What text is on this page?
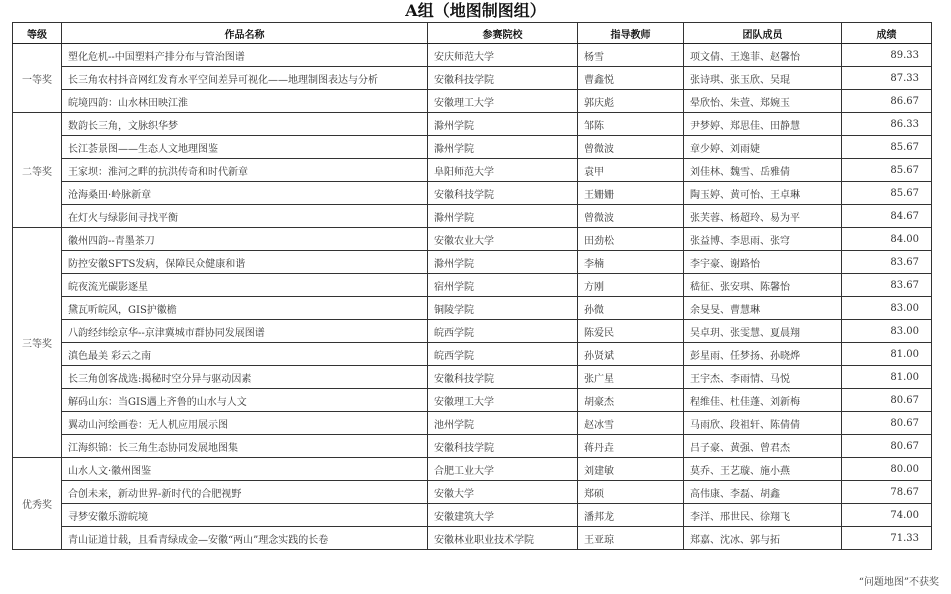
A组（地图制图组）
等级	作品名称	参赛院校	指导教师	团队成员	成绩
一等奖	塑化危机--中国塑料产排分布与管治图谱	安庆师范大学	杨雪	项文倩、王逸菲、赵馨怡	89.33
	长三角农村抖音网红发育水平空间差异可视化——地理制图表达与分析	安徽科技学院	曹鑫悦	张诗琪、张玉欣、吴琨	87.33
	皖境四韵：山水林田映江淮	安徽理工大学	郭庆彪	晕欣怡、朱萱、郑婉玉	86.67
二等奖	数韵长三角，文脉织华梦	滁州学院	邹陈	尹梦婷、郑思佳、田静慧	86.33
	长江荟景图——生态人文地理图鉴	滁州学院	曾微波	章少婷、刘雨婕	85.67
	王家坝：淮河之畔的抗洪传奇和时代新章	阜阳师范大学	袁甲	刘佳林、魏雪、岳雅倩	85.67
	沧海桑田·岭脉新章	安徽科技学院	王姗姗	陶玉婷、黄可怡、王卓琳	85.67
	在灯火与绿影间寻找平衡	滁州学院	曾微波	张芙蓉、杨超玲、易为平	84.67
三等奖	徽州四韵--青墨茶刀	安徽农业大学	田劲松	张益博、李思雨、张穹	84.00
	防控安徽SFTS发病，保障民众健康和谐	滁州学院	李楠	李宇豪、谢路怡	83.67
	皖夜流光碳影逐星	宿州学院	方刚	嵇征、张安琪、陈馨怡	83.67
	黛瓦听皖风，GIS护徽檐	铜陵学院	孙微	余旻旻、曹慧琳	83.00
	八韵经纬绘京华--京津冀城市群协同发展图谱	皖西学院	陈爱民	吴卓玥、张雯慧、夏晨翔	83.00
	滇色最美 彩云之南	皖西学院	孙贤斌	彭星雨、任梦扬、孙晓烨	81.00
	长三角创客战选:揭秘时空分异与驱动因素	安徽科技学院	张广星	王宇杰、李雨情、马悦	81.00
	解码山东：当GIS遇上齐鲁的山水与人文	安徽理工大学	胡豪杰	程维佳、杜佳蓬、刘新梅	80.67
	翼动山河绘画卷：无人机应用展示图	池州学院	赵冰雪	马雨欣、段祖轩、陈倩倩	80.67
	江海织锦：长三角生态协同发展地图集	安徽科技学院	蒋丹垚	吕子豪、黄强、曾君杰	80.67
优秀奖	山水人文·徽州图鉴	合肥工业大学	刘建敏	莫乔、王艺璇、施小燕	80.00
	合创未来，新动世界-新时代的合肥视野	安徽大学	郑硕	高伟康、李磊、胡鑫	78.67
	寻梦安徽乐游皖境	安徽建筑大学	潘邦龙	李洋、邢世民、徐翔飞	74.00
	青山证道廿载，且看青绿成金—安徽“两山”理念实践的长卷	安徽林业职业技术学院	王亚琼	郑嘉、沈冰、郭与拓	71.33
“问题地图”不获奖
